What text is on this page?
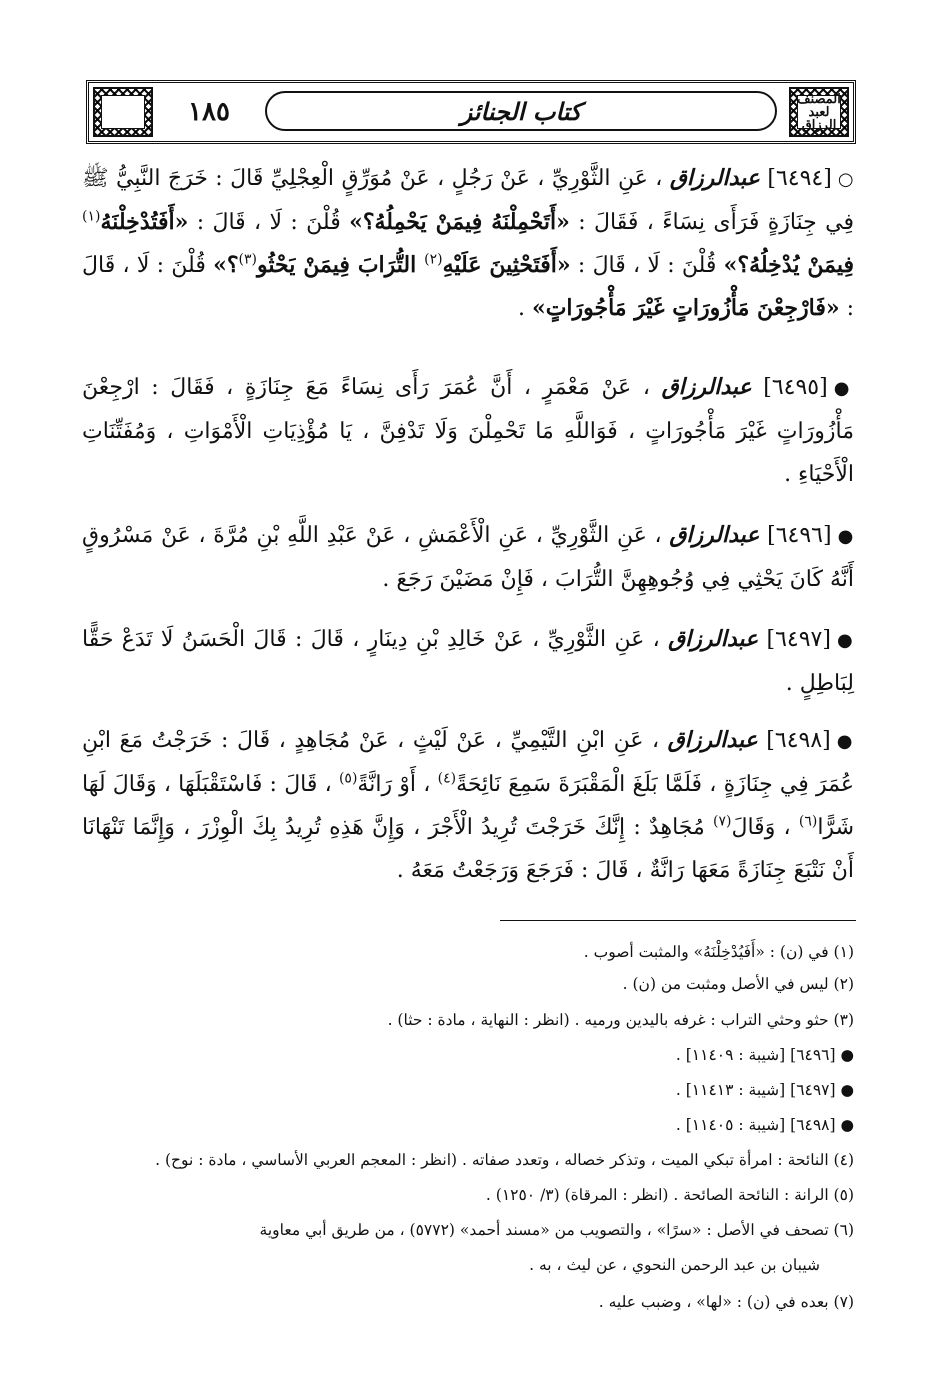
المصنف لعبد الرزاق
كتاب الجنائز
١٨٥
○[٦٤٩٤] عبدالرزاق ، عَنِ الثَّوْرِيِّ ، عَنْ رَجُلٍ ، عَنْ مُوَرِّقٍ الْعِجْلِيِّ قَالَ : خَرَجَ النَّبِيُّ ﷺ فِي جِنَازَةٍ فَرَأَى نِسَاءً ، فَقَالَ : «أَتَحْمِلْنَهُ فِيمَنْ يَحْمِلُهُ؟» قُلْنَ : لَا ، قَالَ : «أَفَتُدْخِلْنَهُ$^{(١)}$ فِيمَنْ يُدْخِلُهُ؟» قُلْنَ : لَا ، قَالَ : «أَفَتَحْثِينَ عَلَيْهِ$^{(٢)}$ التُّرَابَ فِيمَنْ يَحْثُو$^{(٣)}$؟» قُلْنَ : لَا ، قَالَ : «فَارْجِعْنَ مَأْزُورَاتٍ غَيْرَ مَأْجُورَاتٍ» .
●[٦٤٩٥] عبدالرزاق ، عَنْ مَعْمَرٍ ، أَنَّ عُمَرَ رَأَى نِسَاءً مَعَ جِنَازَةٍ ، فَقَالَ : ارْجِعْنَ مَأْزُورَاتٍ غَيْرَ مَأْجُورَاتٍ ، فَوَاللَّهِ مَا تَحْمِلْنَ وَلَا تَدْفِنَّ ، يَا مُؤْذِيَاتِ الْأَمْوَاتِ ، وَمُفَتِّنَاتِ الْأَحْيَاءِ .
●[٦٤٩٦] عبدالرزاق ، عَنِ الثَّوْرِيِّ ، عَنِ الْأَعْمَشِ ، عَنْ عَبْدِ اللَّهِ بْنِ مُرَّةَ ، عَنْ مَسْرُوقٍ أَنَّهُ كَانَ يَحْثِي فِي وُجُوهِهِنَّ التُّرَابَ ، فَإِنْ مَضَيْنَ رَجَعَ .
●[٦٤٩٧] عبدالرزاق ، عَنِ الثَّوْرِيِّ ، عَنْ خَالِدِ بْنِ دِينَارٍ ، قَالَ : قَالَ الْحَسَنُ لَا تَدَعْ حَقًّا لِبَاطِلٍ .
●[٦٤٩٨] عبدالرزاق ، عَنِ ابْنِ التَّيْمِيِّ ، عَنْ لَيْثٍ ، عَنْ مُجَاهِدٍ ، قَالَ : خَرَجْتُ مَعَ ابْنِ عُمَرَ فِي جِنَازَةٍ ، فَلَمَّا بَلَغَ الْمَقْبَرَةَ سَمِعَ نَائِحَةً$^{(٤)}$ ، أَوْ رَانَّةً$^{(٥)}$ ، قَالَ : فَاسْتَقْبَلَهَا ، وَقَالَ لَهَا شَرًّا$^{(٦)}$ ، وَقَالَ$^{(٧)}$ مُجَاهِدٌ : إِنَّكَ خَرَجْتَ تُرِيدُ الْأَجْرَ ، وَإِنَّ هَذِهِ تُرِيدُ بِكَ الْوِزْرَ ، وَإِنَّمَا تَنْهَانَا أَنْ نَتْبَعَ جِنَازَةً مَعَهَا رَانَّةٌ ، قَالَ : فَرَجَعَ وَرَجَعْتُ مَعَهُ .
(١) في (ن) : «أَفَيُدْخِلْنَهُ» والمثبت أصوب .
(٢) ليس في الأصل ومثبت من (ن) .
(٣) حثو وحثي التراب : غرفه باليدين ورميه . (انظر : النهاية ، مادة : حثا) .
● [٦٤٩٦] [شيبة : ١١٤٠٩] .
● [٦٤٩٧] [شيبة : ١١٤١٣] .
● [٦٤٩٨] [شيبة : ١١٤٠٥] .
(٤) النائحة : امرأة تبكي الميت ، وتذكر خصاله ، وتعدد صفاته . (انظر : المعجم العربي الأساسي ، مادة : نوح) .
(٥) الرانة : النائحة الصائحة . (انظر : المرقاة) (٣/ ١٢٥٠) .
(٦) تصحف في الأصل : «سرًا» ، والتصويب من «مسند أحمد» (٥٧٧٢) ، من طريق أبي معاوية
شيبان بن عبد الرحمن النحوي ، عن ليث ، به .
(٧) بعده في (ن) : «لها» ، وضبب عليه .
